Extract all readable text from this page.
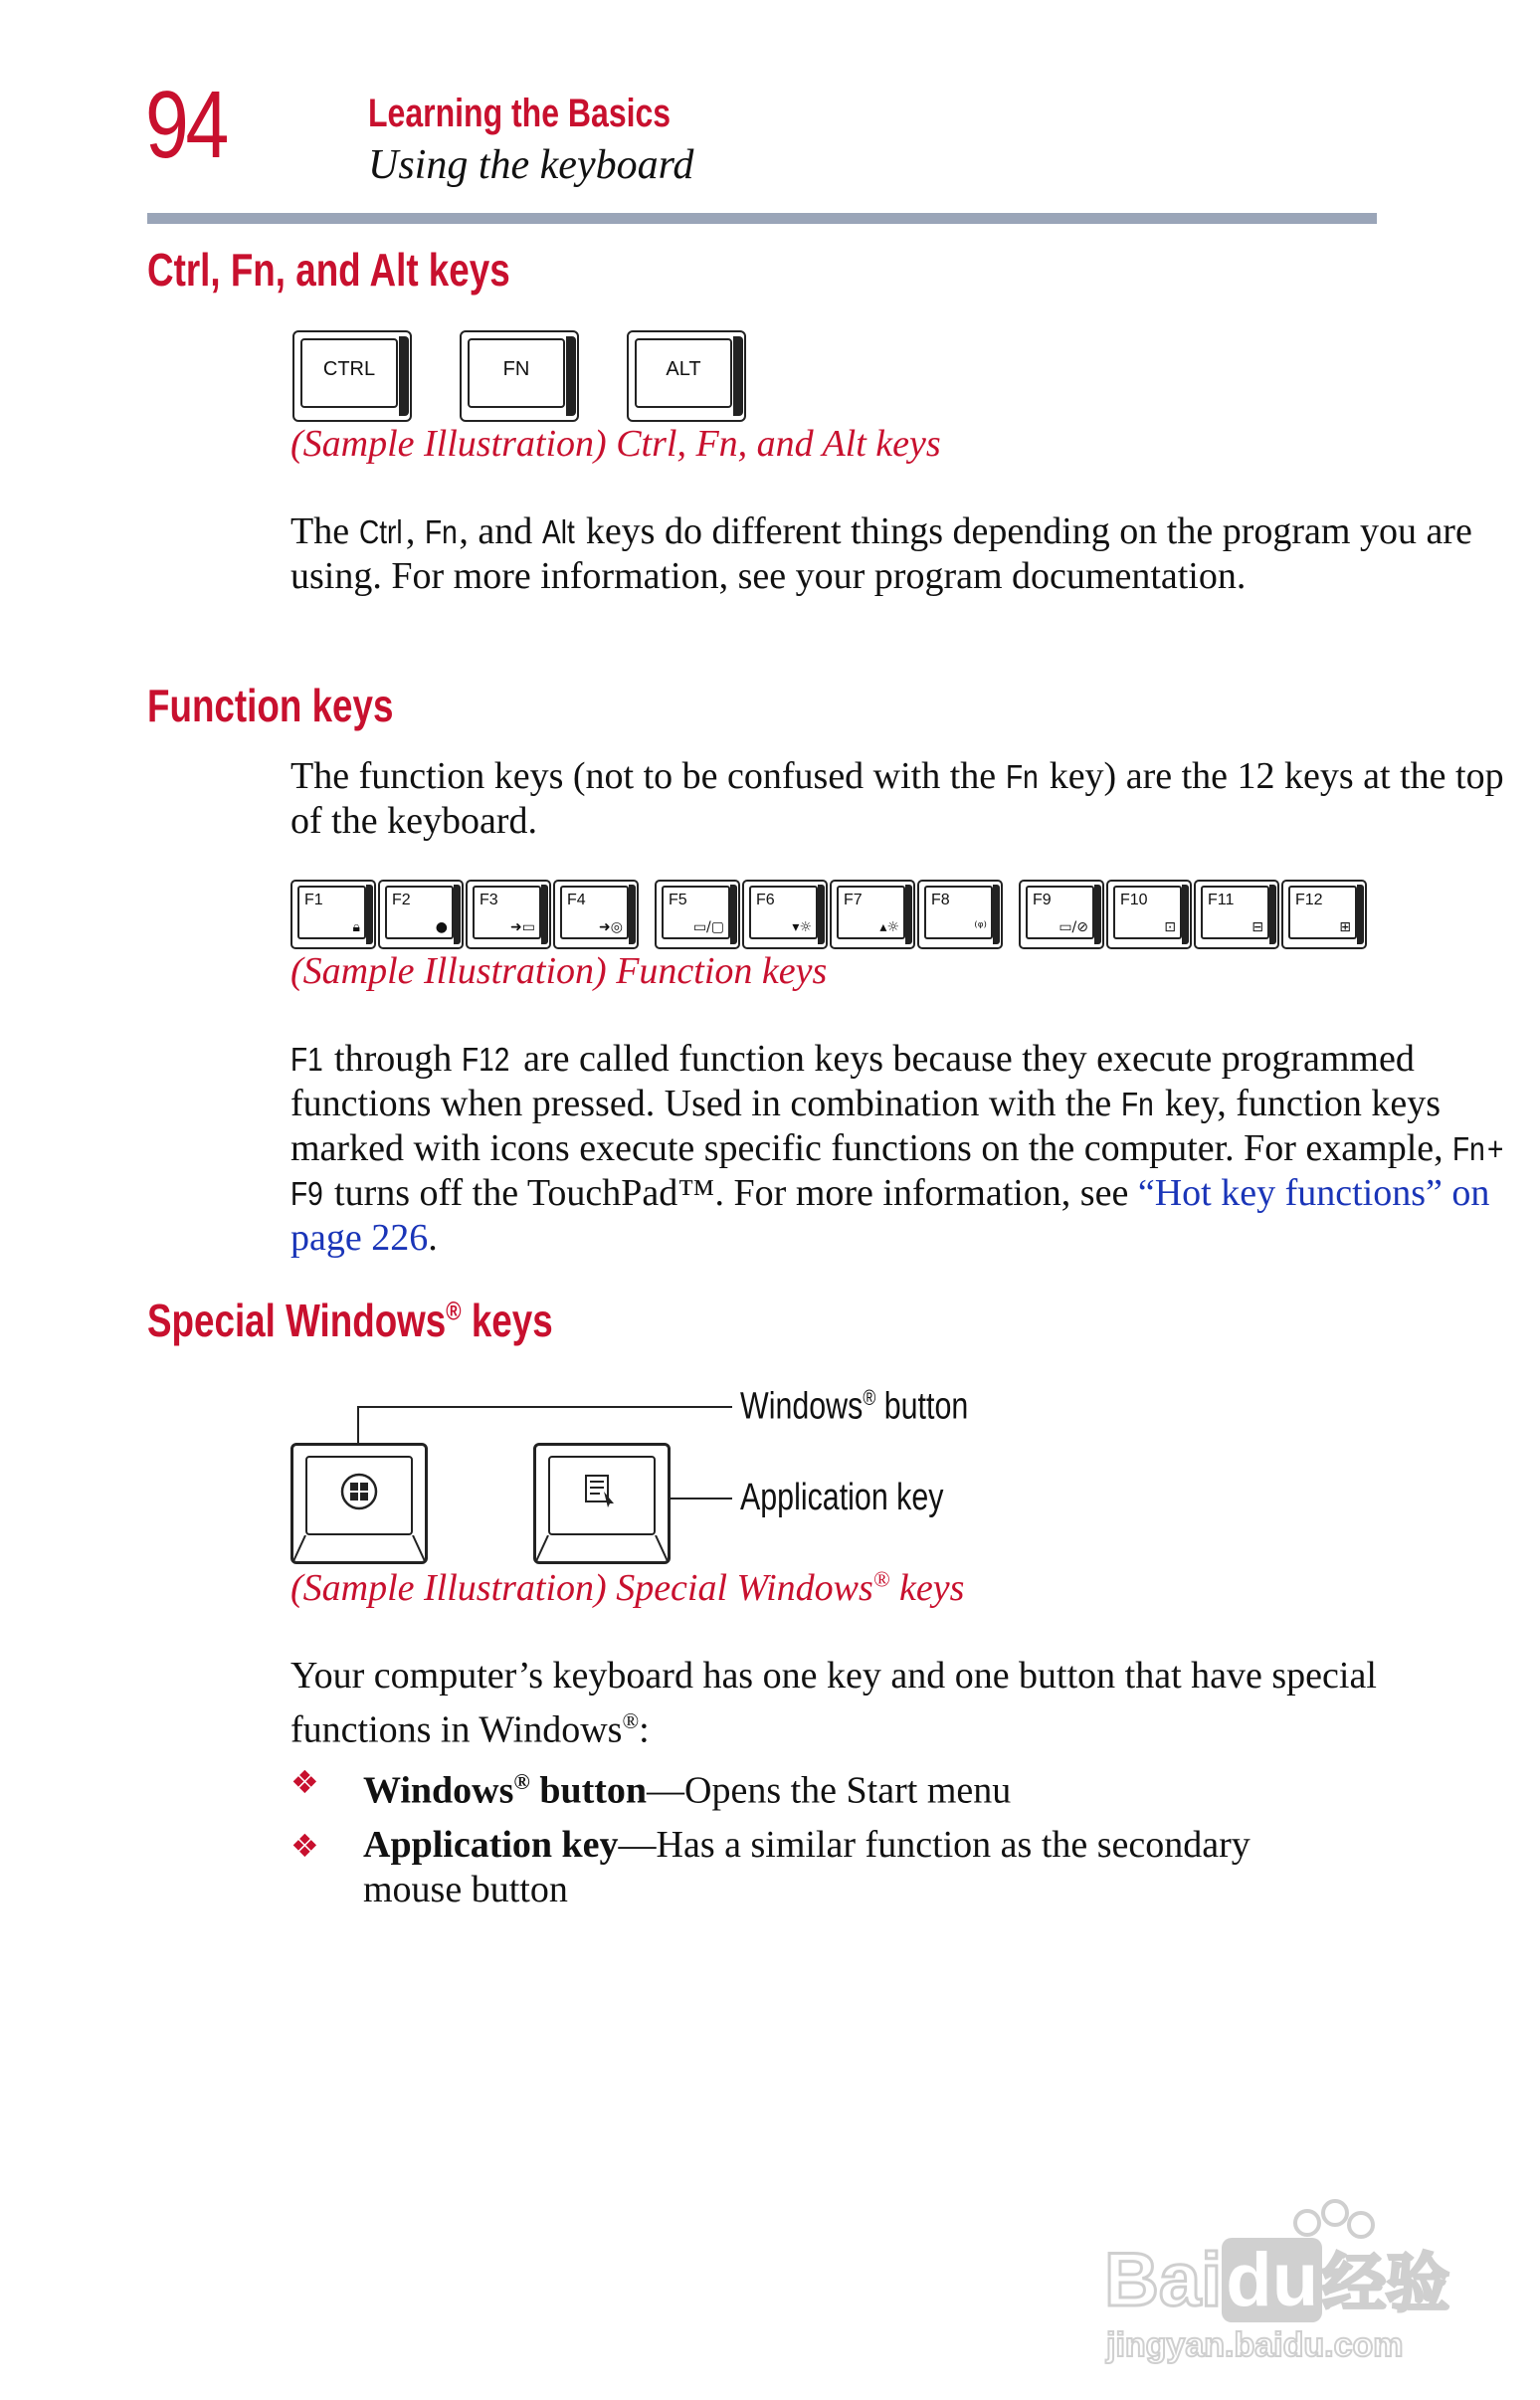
94	Learning the Basics
Using the keyboard
Ctrl, Fn, and Alt keys
CTRL	FN	ALT
(Sample Illustration) Ctrl, Fn, and Alt keys

The Ctrl, Fn, and Alt keys do different things depending on the program you are using. For more information, see your program documentation.

Function keys

The function keys (not to be confused with the Fn key) are the 12 keys at the top of the keyboard.

F1
🔒︎
F2
●
F3
➜▭
F4
➜◎
F5
▭/▢
F6
▾☼
F7
▴☼
F8
⁽ᵠ⁾
F9
▭/⊘
F10
⊡
F11
⊟
F12
⊞
(Sample Illustration) Function keys

F1 through F12 are called function keys because they execute programmed functions when pressed. Used in combination with the Fn key, function keys marked with icons execute specific functions on the computer. For example, Fn+F9 turns off the TouchPad™. For more information, see “Hot key functions” on page 226.

Special Windows® keys
Windows® button
Application key
(Sample Illustration) Special Windows® keys

Your computer’s keyboard has one key and one button that have special functions in Windows®:

❖ Windows® button—Opens the Start menu
❖ Application key—Has a similar function as the secondary mouse button
Baidu经验
jingyan.baidu.com
